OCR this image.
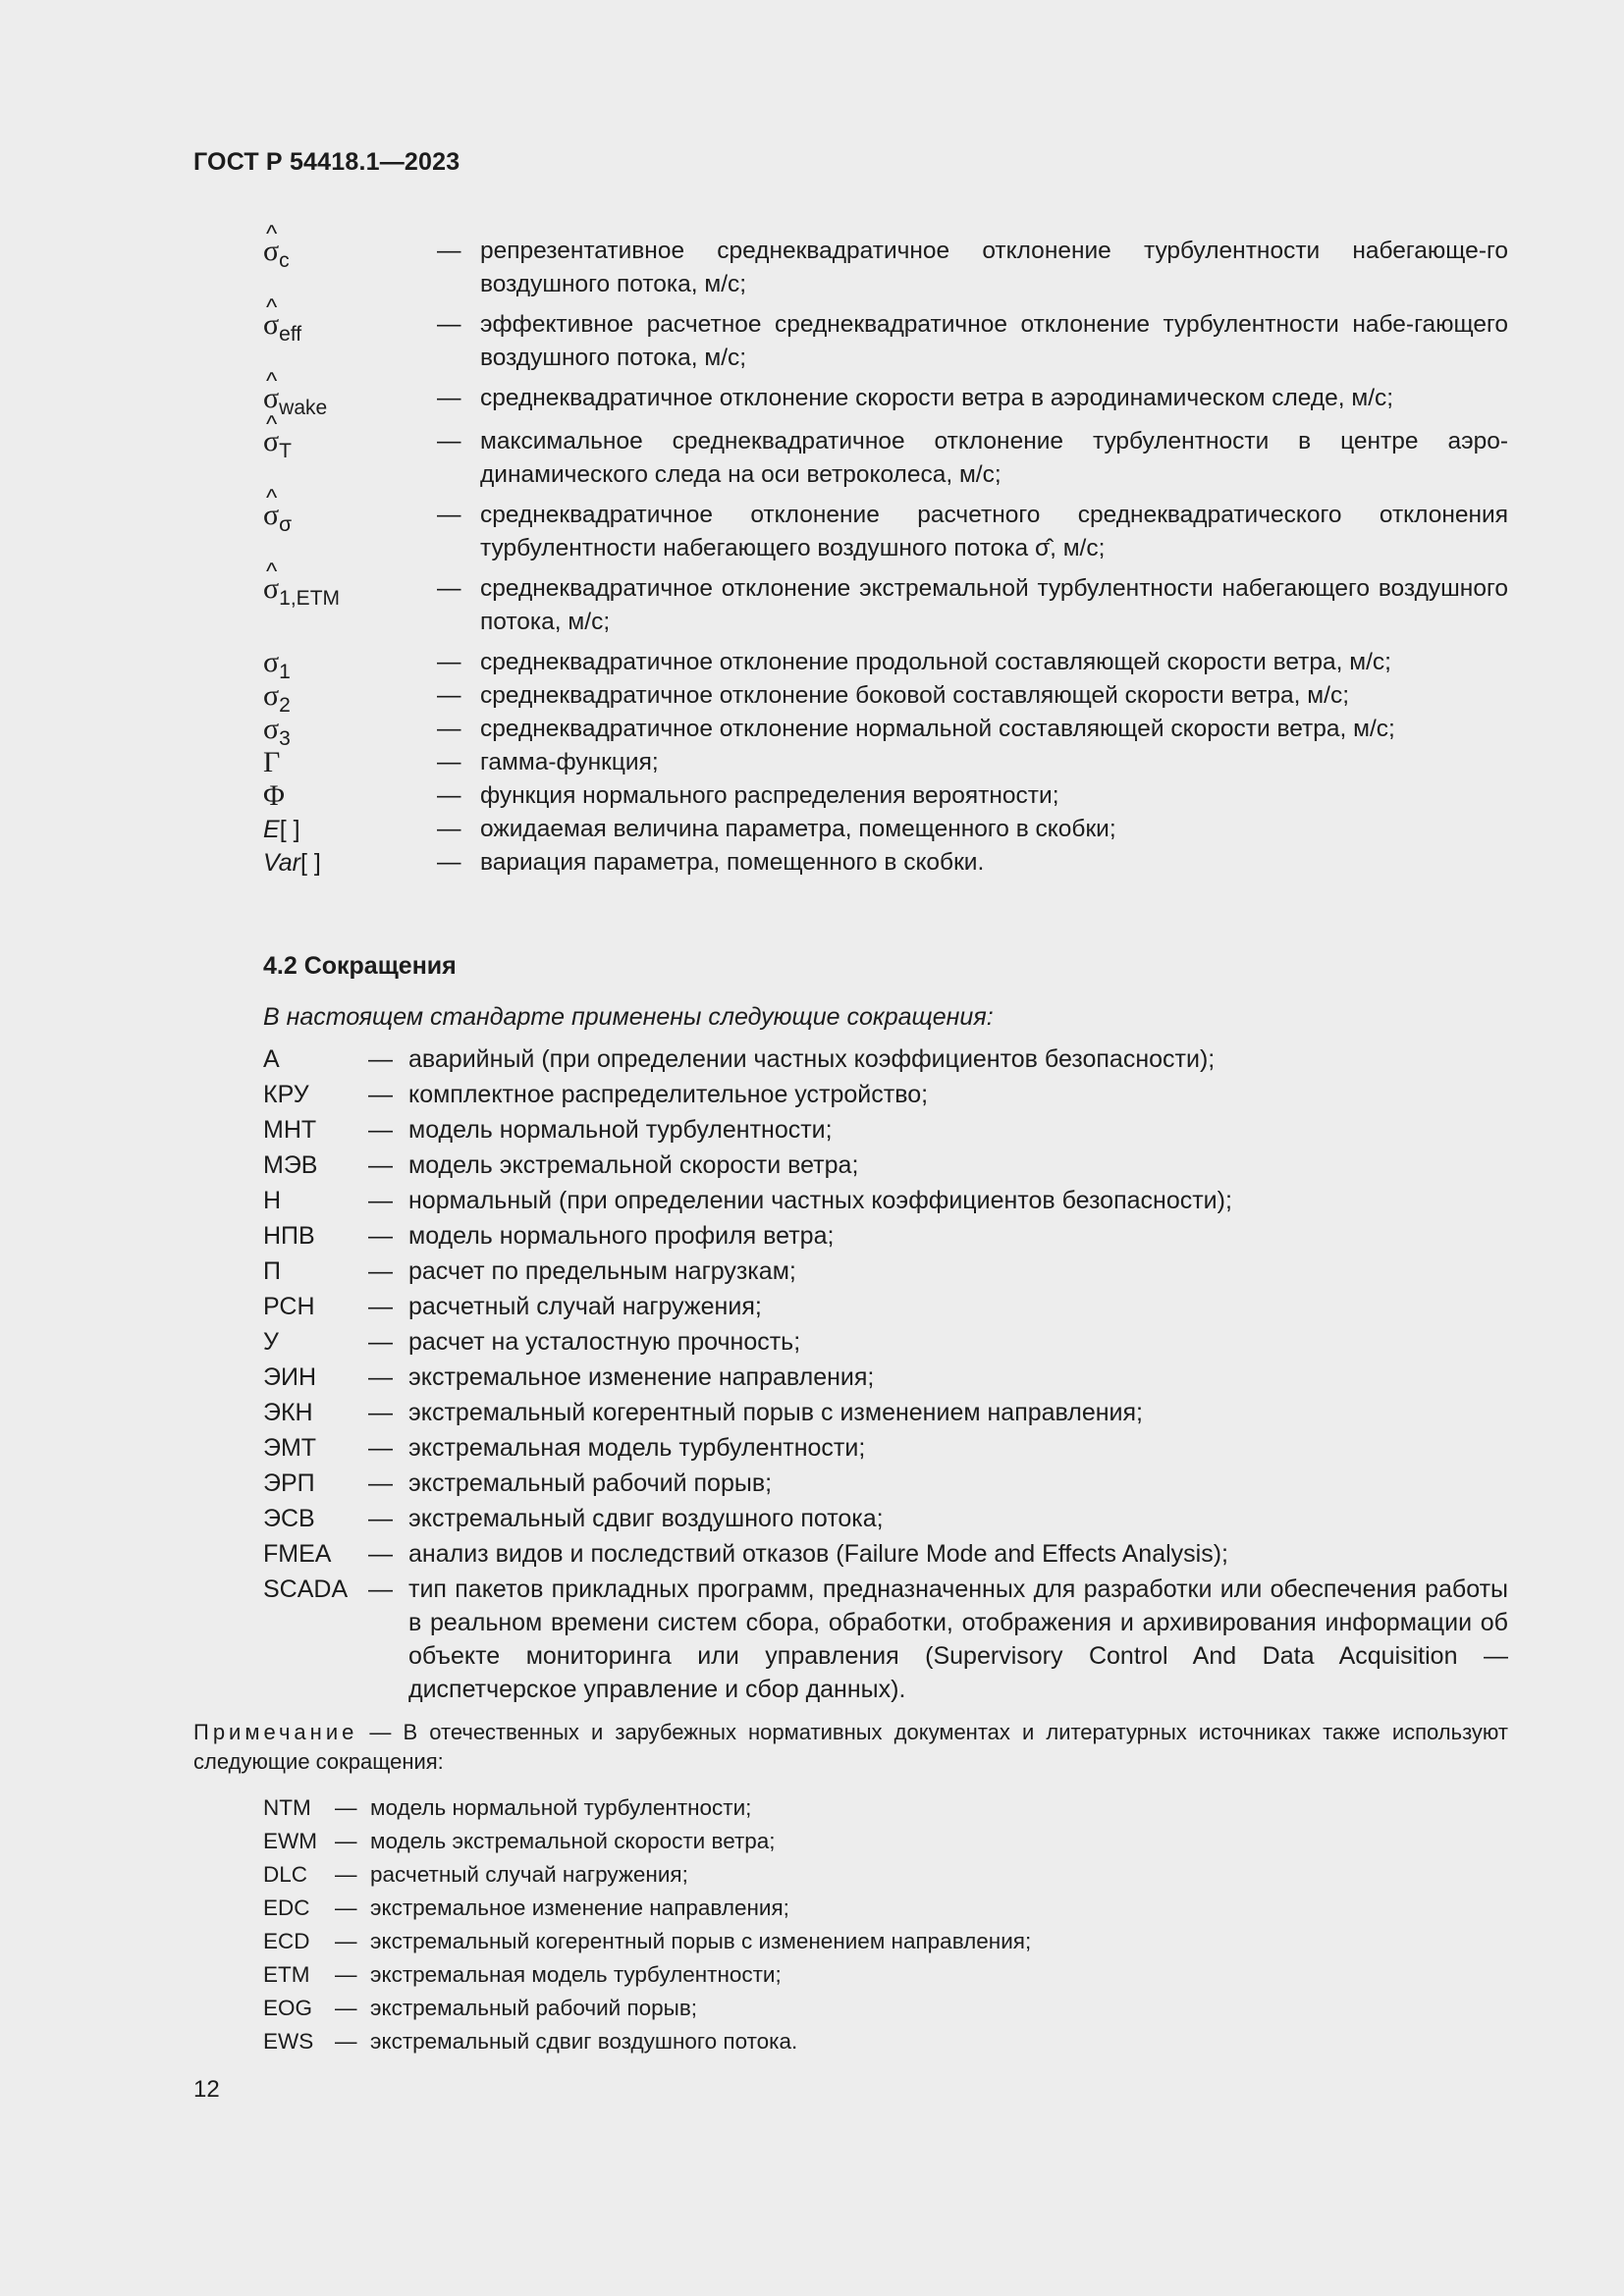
ГОСТ Р 54418.1—2023
^ $\sigma_c$	— репрезентативное среднеквадратичное отклонение турбулентности набегающе-го воздушного потока, м/с;
^ $\sigma_{eff}$	— эффективное расчетное среднеквадратичное отклонение турбулентности набе-гающего воздушного потока, м/с;
^ $\sigma_{wake}$	— среднеквадратичное отклонение скорости ветра в аэродинамическом следе, м/с;
^ $\sigma_T$	— максимальное среднеквадратичное отклонение турбулентности в центре аэро-динамического следа на оси ветроколеса, м/с;
^ $\sigma_\sigma$	— среднеквадратичное отклонение расчетного среднеквадратического отклонения турбулентности набегающего воздушного потока σ̂, м/с;
^ $\sigma_{1,ETM}$	— среднеквадратичное отклонение экстремальной турбулентности набегающего воздушного потока, м/с;
$\sigma_1$	— среднеквадратичное отклонение продольной составляющей скорости ветра, м/с;
$\sigma_2$	— среднеквадратичное отклонение боковой составляющей скорости ветра, м/с;
$\sigma_3$	— среднеквадратичное отклонение нормальной составляющей скорости ветра, м/с;
Γ	— гамма-функция;
Φ	— функция нормального распределения вероятности;
E[ ]	— ожидаемая величина параметра, помещенного в скобки;
Var[ ]	— вариация параметра, помещенного в скобки.
4.2 Сокращения
В настоящем стандарте применены следующие сокращения:
А	— аварийный (при определении частных коэффициентов безопасности);
КРУ	— комплектное распределительное устройство;
МНТ	— модель нормальной турбулентности;
МЭВ	— модель экстремальной скорости ветра;
Н	— нормальный (при определении частных коэффициентов безопасности);
НПВ	— модель нормального профиля ветра;
П	— расчет по предельным нагрузкам;
РСН	— расчетный случай нагружения;
У	— расчет на усталостную прочность;
ЭИН	— экстремальное изменение направления;
ЭКН	— экстремальный когерентный порыв с изменением направления;
ЭМТ	— экстремальная модель турбулентности;
ЭРП	— экстремальный рабочий порыв;
ЭСВ	— экстремальный сдвиг воздушного потока;
FMEA	— анализ видов и последствий отказов (Failure Mode and Effects Analysis);
SCADA — тип пакетов прикладных программ, предназначенных для разработки или обеспечения работы в реальном времени систем сбора, обработки, отображения и архивирования информации об объекте мониторинга или управления (Supervisory Control And Data Acquisition — диспетчерское управление и сбор данных).
Примечание — В отечественных и зарубежных нормативных документах и литературных источниках также используют следующие сокращения:
NTM	— модель нормальной турбулентности;
EWM — модель экстремальной скорости ветра;
DLC	— расчетный случай нагружения;
EDC	— экстремальное изменение направления;
ECD	— экстремальный когерентный порыв с изменением направления;
ETM	— экстремальная модель турбулентности;
EOG	— экстремальный рабочий порыв;
EWS — экстремальный сдвиг воздушного потока.
12
